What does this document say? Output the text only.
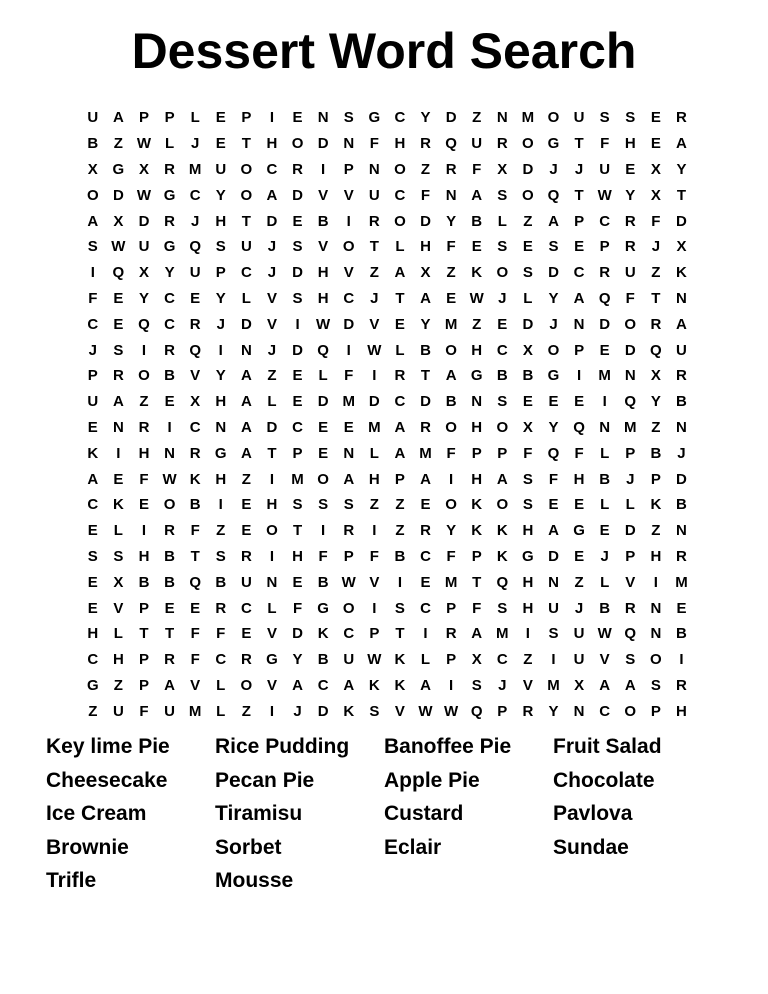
Dessert Word Search
U A	P	P	L	E	P	I	E	N	S G C	Y	D	Z	N M O U	S	S	E	R
B	Z W L	J	E	T	H O D N	F	H R Q U R O G	T	F	H	E	A
X G X	R M U O C R	I	P	N O	Z	R	F	X	D	J	J	U	E	X	Y
O D W G C	Y O A D	V	V	U C	F	N A	S O Q	T W Y	X	T
A	X	D R	J	H	T	D	E	B	I	R O D	Y	B	L	Z	A	P	C R	F	D
S W U G Q S	U	J	S	V O	T	L	H	F	E	S	E	S	E	P	R	J	X
I	Q X	Y	U	P	C	J	D H	V	Z	A	X	Z	K O S	D C R U	Z	K
F	E	Y	C	E	Y	L	V	S	H C	J	T	A	E W J	L	Y	A Q	F	T	N
C	E Q C R	J	D	V	I	W D	V	E	Y M Z	E	D	J	N D O R A
J	S	I	R Q	I	N	J	D Q	I	W L	B O H C	X O P	E	D Q U
P	R O B	V	Y	A	Z	E	L	F	I	R	T	A G B B G	I	M N	X	R
U A	Z	E	X	H A	L	E	D M D C D B N	S	E	E	E	I	Q Y	B
E	N R	I	C N A D C	E	E M A R O H O X	Y Q N M Z	N
K	I	H N R G A	T	P	E	N	L	A M F	P	P	F	Q	F	L	P	B	J
A	E	F W K H	Z	I	M O A H	P	A	I	H A	S	F	H B	J	P	D
C K	E O B	I	E	H	S	S	S	Z	Z	E O K O S	E	E	L	L	K B
E	L	I	R	F	Z	E O	T	I	R	I	Z	R	Y	K K H A G E	D	Z	N
S	S	H B	T	S	R	I	H	F	P	F	B C	F	P	K G D	E	J	P	H R
E	X	B B Q B U N	E	B W V	I	E M T	Q H N	Z	L	V	I	M
E	V	P	E	E	R C	L	F	G O	I	S	C	P	F	S	H U	J	B R N	E
H	L	T	T	F	F	E	V	D K C	P	T	I	R A M	I	S	U W Q N B
C H	P	R	F	C R G Y	B U W K	L	P	X	C	Z	I	U	V	S O	I
G	Z	P	A	V	L	O V	A C A K K A	I	S	J	V M X	A A	S	R
Z	U	F	U M L	Z	I	J	D K	S	V W W Q P	R	Y	N C O P	H
Key lime Pie	Rice Pudding	Banoffee Pie	Fruit Salad
Cheesecake	Pecan Pie	Apple Pie	Chocolate
Ice Cream	Tiramisu	Custard	Pavlova
Brownie	Sorbet	Eclair	Sundae
Trifle	Mousse
